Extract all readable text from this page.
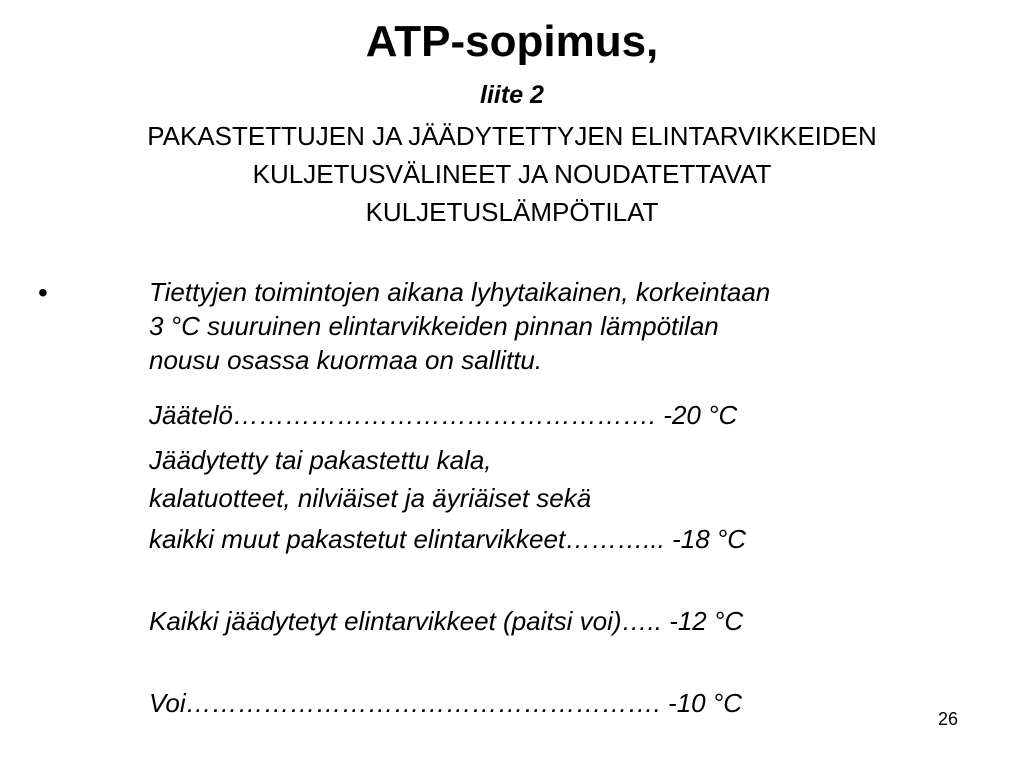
ATP-sopimus,
liite 2
PAKASTETTUJEN JA JÄÄDYTETTYJEN ELINTARVIKKEIDEN
KULJETUSVÄLINEET JA NOUDATETTAVAT
KULJETUSLÄMPÖTILAT
•	Tiettyjen toimintojen aikana lyhytaikainen, korkeintaan
3 °C suuruinen elintarvikkeiden pinnan lämpötilan
nousu osassa kuormaa on sallittu.
Jäätelö…………………………………………. -20 °C
Jäädytetty tai pakastettu kala,
kalatuotteet, nilviäiset ja äyriäiset sekä
kaikki muut pakastetut elintarvikkeet………... -18 °C
Kaikki jäädytetyt elintarvikkeet (paitsi voi)….. -12 °C
Voi………………………………………………. -10 °C
26
